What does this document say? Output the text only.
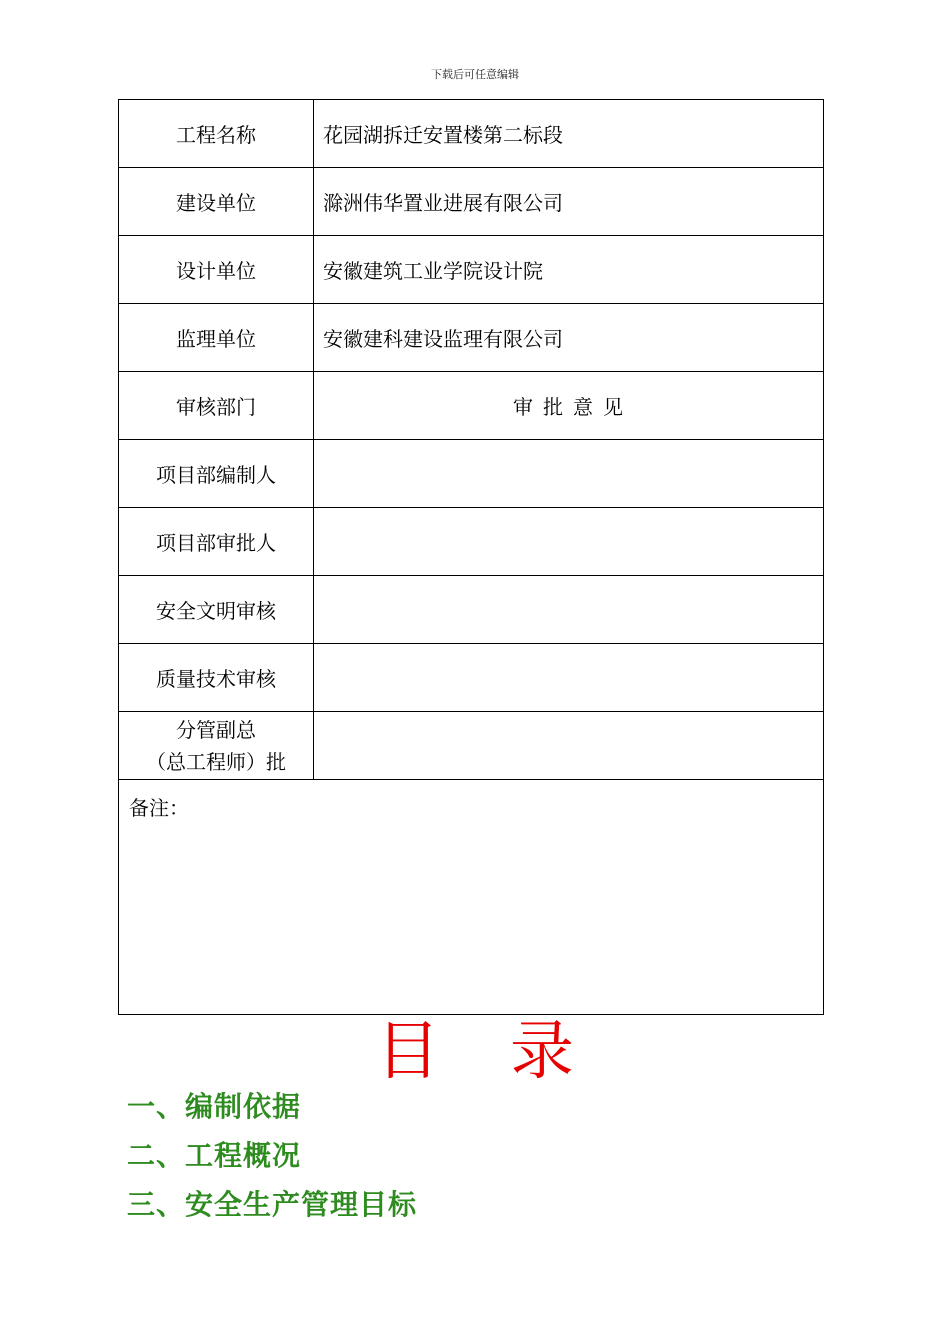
下载后可任意编辑
工程名称	花园湖拆迁安置楼第二标段
建设单位	滁洲伟华置业进展有限公司
设计单位	安徽建筑工业学院设计院
监理单位	安徽建科建设监理有限公司
审核部门	审批意见
项目部编制人	
项目部审批人	
安全文明审核	
质量技术审核	

分管副总
（总工程师）批	

备注：	
目录
一、编制依据
二、工程概况
三、安全生产管理目标
